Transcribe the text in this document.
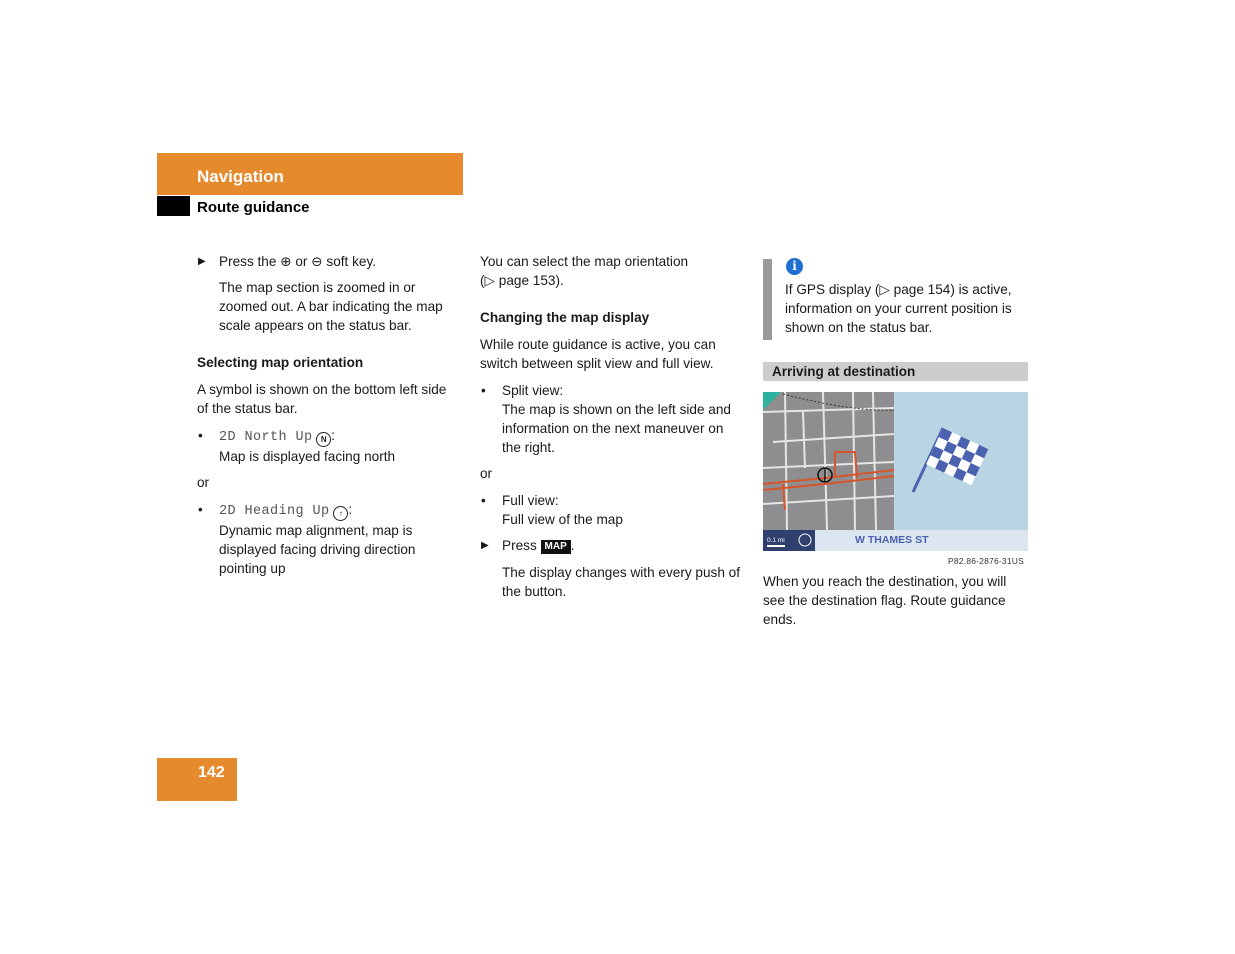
Navigation
Route guidance
▶ Press the ⊕ or ⊖ soft key.

The map section is zoomed in or

zoomed out. A bar indicating the map

scale appears on the status bar.

Selecting map orientation

A symbol is shown on the bottom left side

of the status bar.

• 2D North Up N :

Map is displayed facing north

or

• 2D Heading Up ↑ :

Dynamic map alignment, map is

displayed facing driving direction

pointing up

You can select the map orientation

(▷ page 153).

Changing the map display

While route guidance is active, you can

switch between split view and full view.

• Split view:

The map is shown on the left side and

information on the next maneuver on

the right.

or

• Full view:

Full view of the map

▶ Press MAP .

The display changes with every push of

the button.

i

If GPS display (▷ page 154) is active,

information on your current position is

shown on the status bar.

Arriving at destination
0.1 mi	W THAMES ST
P82.86-2876-31US

When you reach the destination, you will

see the destination flag. Route guidance

ends.

142
